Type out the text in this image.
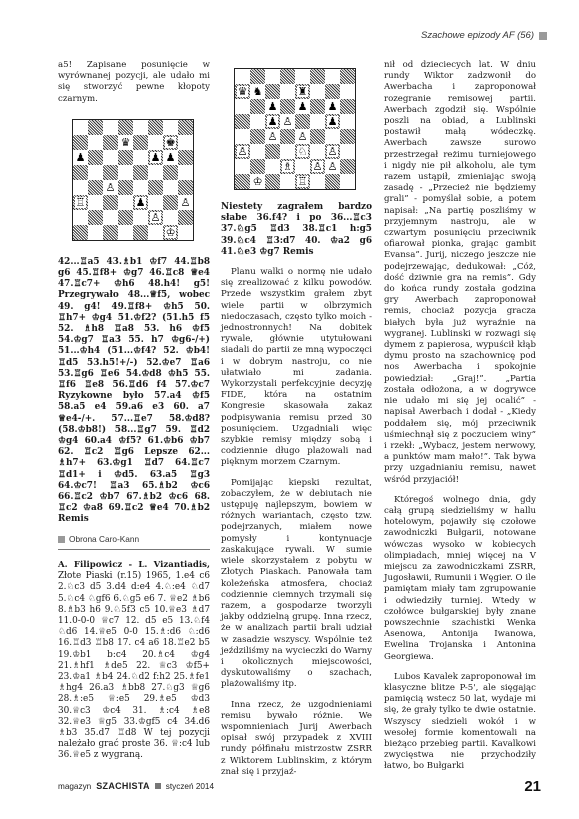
Szachowe epizody AF (56)

a5! Zapisane posunięcie w wyrównanej pozycji, ale udało mi się stworzyć pewne kłopoty czarnym.

♛	♚
♟	♟ ♟
♙
♖	♟	♙
♙
♔

42...♖a5 43.♗b1 ♔f7 44.♖b8 g6 45.♖f8+ ♔g7 46.♖c8 ♕e4 47.♖c7+ ♔h6 48.h4! g5! Przegrywało 48...♕f5, wobec 49. g4! 49.♖f8+ ♔h5 50. ♖h7+ ♔g4 51.♔f2? (51.h5 f5 52. ♗h8 ♖a8 53. h6 ♔f5 54.♔g7 ♖a3 55. h7 ♔g6-/+) 51...♔h4 (51...♔f4? 52. ♔b4! ♖d5 53.h5!+/-) 52.♔e7 ♖a6 53.♖g6 ♖e6 54.♔d8 ♔h5 55. ♖f6 ♖e8 56.♖d6 f4 57.♔c7 Ryzykowne było 57.a4 ♔f5 58.a5 e4 59.a6 e3 60. a7 ♕e4-/+. 57...♖e7 58.♔d8? (58.♔b8!) 58...♖g7 59. ♖d2 ♔g4 60.a4 ♔f5? 61.♔b6 ♔b7 62. ♖c2 ♖g6 Lepsze 62... ♗h7+ 63.♔g1 ♖d7 64.♖c7 ♖d1+ i ♔d5. 63.a5 ♖g3 64.♔c7! ♖a3 65.♗b2 ♔c6 66.♖c2 ♔b7 67.♗b2 ♔c6 68. ♖c2 ♔a8 69.♖c2 ♕e4 70.♗b2 Remis

Obrona Caro-Kann

A. Filipowicz - L. Vizantiadis, Złote Piaski (r.15) 1965, 1.e4 c6 2.♘c3 d5 3.d4 d:e4 4.♘:e4 ♘d7 5.♘c4 ♘gf6 6.♘g5 e6 7. ♕e2 ♗b6 8.♗b3 h6 9.♘5f3 c5 10.♕e3 ♗d7 11.0-0-0 ♕c7 12. d5 e5 13.♘f4 ♘d6 14.♕e5 0-0 15.♗:d6 ♘:d6 16.♖d3 ♖b8 17. c4 a6 18.♖e2 b5 19.♔b1 b:c4 20.♗c4 ♔g4 21.♗hf1 ♗de5 22. ♕c3 ♔f5+ 23.♔a1 ♗b4 24.♘d2 f:h2 25.♗fe1 ♗hg4 26.a3 ♗bb8 27.♘g3 ♕g6 28.♗:e5 ♕:e5 29.♗e5 ♔d3 30.♕c3 ♔c4 31. ♗:c4 ♗e8 32.♕e3 ♕g5 33.♔gf5 c4 34.d6 ♗b3 35.d7 ♖d8 W tej pozycji należało grać proste 36. ♕:c4 lub 36.♕e5 z wygraną.

♛ ♞	♜
♟ ♟ ♟
♟ ♙	♟
♙ ♙
♙	♘ ♙
♗ ♙ ♙
♔	♖

Niestety zagrałem bardzo słabe 36.f4? i po 36...♖c3 37.♘g5 ♖d3 38.♖c1 h:g5 39.♘c4 ♖3:d7 40. ♔a2 g6 41.♘e3 ♔g7 Remis

Planu walki o normę nie udało się zrealizować z kilku powodów. Przede wszystkim grałem zbyt wiele partii w olbrzymich niedoczasach, często tylko moich - jednostronnych! Na dobitek rywale, głównie utytułowani siadali do partii ze mną wypoczęci i w dobrym nastroju, co nie ułatwiało mi zadania. Wykorzystali perfekcyjnie decyzję FIDE, która na ostatnim Kongresie skasowała zakaz podpisywania remisu przed 30 posunięciem. Uzgadniali więc szybkie remisy między sobą i codziennie długo plażowali nad pięknym morzem Czarnym.

Pomijając kiepski rezultat, zobaczyłem, że w debiutach nie ustępuję najlepszym, bowiem w różnych wariantach, często tzw. podejrzanych, miałem nowe pomysły i kontynuacje zaskakujące rywali. W sumie wiele skorzystałem z pobytu w Złotych Piaskach. Panowała tam koleżeńska atmosfera, chociaż codziennie ciemnych trzymali się razem, a gospodarze tworzyli jakby oddzielną grupę. Inna rzecz, że w analizach partii brali udział w zasadzie wszyscy. Wspólnie też jeździliśmy na wycieczki do Warny i okolicznych miejscowości, dyskutowaliśmy o szachach, plażowaliśmy itp.

Inna rzecz, że uzgodnieniami remisu bywało różnie. We wspomnieniach Jurij Awerbach opisał swój przypadek z XVIII rundy półfinału mistrzostw ZSRR z Wiktorem Lublinskim, z którym znał się i przyjaź-

nił od dzieciecych lat. W dniu rundy Wiktor zadzwonił do Awerbacha i zaproponował rozegranie remisowej partii. Awerbach zgodził się. Wspólnie poszli na obiad, a Lublinski postawił małą wódeczkę. Awerbach zawsze surowo przestrzegał reżimu turniejowego i nigdy nie pił alkoholu, ale tym razem ustąpił, zmieniając swoją zasadę - „Przecież nie będziemy grali” - pomyślał sobie, a potem napisał: „Na partię poszliśmy w przyjemnym nastroju, ale w czwartym posunięciu przeciwnik ofiarował pionka, grając gambit Evansa”. Jurij, niczego jeszcze nie podejrzewając, dedukował: „Cóż, dość dziwnie gra na remis”. Gdy do końca rundy została godzina gry Awerbach zaproponował remis, chociaż pozycja gracza białych była już wyraźnie na wygranej. Lublinski w rozwagi się dymem z papierosa, wypuścił kłąb dymu prosto na szachownicę pod nos Awerbacha i spokojnie powiedział: „Graj!”. „Partia została odłożona, a w dogrywce nie udało mi się jej ocalić” - napisał Awerbach i dodał - „Kiedy poddałem się, mój przeciwnik uśmiechnął się z poczuciem winy” i rzekł: „Wybacz, jestem nerwowy, a punktów mam mało!”. Tak bywa przy uzgadnianiu remisu, nawet wśród przyjaciół!

Któregoś wolnego dnia, gdy całą grupą siedzieliśmy w hallu hotelowym, pojawiły się czołowe zawodniczki Bułgarii, notowane wówczas wysoko w kobiecych olimpiadach, mniej więcej na V miejscu za zawodniczkami ZSRR, Jugosławii, Rumunii i Węgier. O ile pamiętam miały tam zgrupowanie i odwiedziły turniej. Wtedy w czołówce bułgarskiej były znane powszechnie szachistki Wenka Asenowa, Antonija Iwanowa, Ewelina Trojanska i Antonina Georgiewa.

Lubos Kavalek zaproponował im klasyczne blitze P-5', ale sięgając pamięcią wstecz 50 lat, wydaje mi się, że grały tylko te dwie ostatnie. Wszyscy siedzieli wokół i w wesołej formie komentowali na bieżąco przebieg partii. Kavalkowi zwycięstwa nie przychodziły łatwo, bo Bułgarki

magazyn SZACHISTA styczeń 2014	21
